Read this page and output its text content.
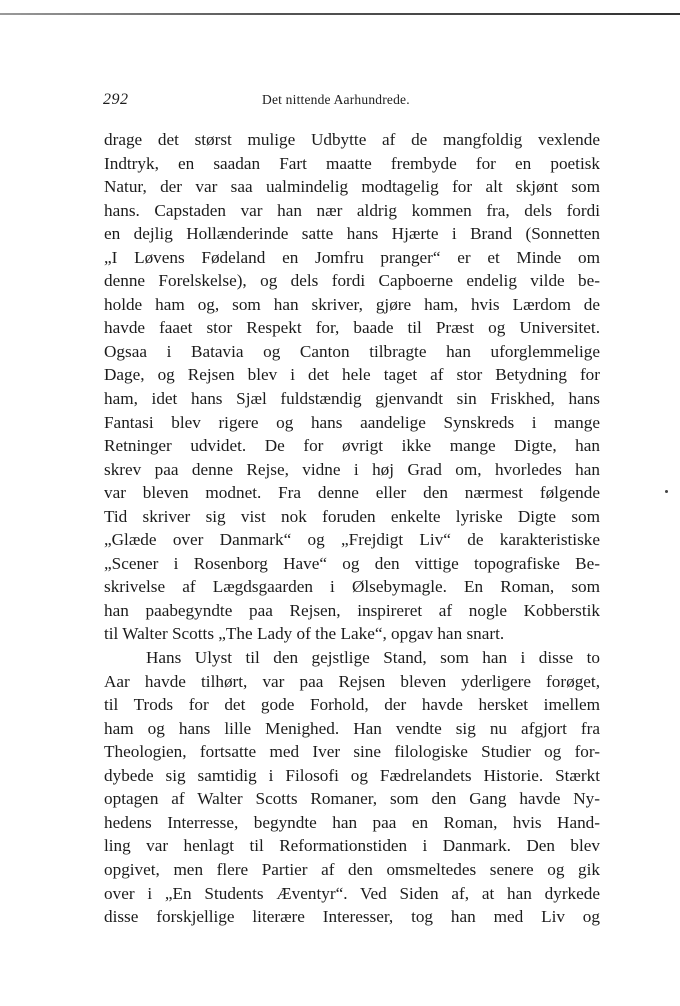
292	Det nittende Aarhundrede.
drage det størst mulige Udbytte af de mangfoldig vexlende
Indtryk, en saadan Fart maatte frembyde for en poetisk
Natur, der var saa ualmindelig modtagelig for alt skjønt som
hans. Capstaden var han nær aldrig kommen fra, dels fordi
en dejlig Hollænderinde satte hans Hjærte i Brand (Sonnetten
„I Løvens Fødeland en Jomfru pranger“ er et Minde om
denne Forelskelse), og dels fordi Capboerne endelig vilde be-
holde ham og, som han skriver, gjøre ham, hvis Lærdom de
havde faaet stor Respekt for, baade til Præst og Universitet.
Ogsaa i Batavia og Canton tilbragte han uforglemmelige
Dage, og Rejsen blev i det hele taget af stor Betydning for
ham, idet hans Sjæl fuldstændig gjenvandt sin Friskhed, hans
Fantasi blev rigere og hans aandelige Synskreds i mange
Retninger udvidet. De for øvrigt ikke mange Digte, han
skrev paa denne Rejse, vidne i høj Grad om, hvorledes han
var bleven modnet. Fra denne eller den nærmest følgende
Tid skriver sig vist nok foruden enkelte lyriske Digte som
„Glæde over Danmark“ og „Frejdigt Liv“ de karakteristiske
„Scener i Rosenborg Have“ og den vittige topografiske Be-
skrivelse af Lægdsgaarden i Ølsebymagle. En Roman, som
han paabegyndte paa Rejsen, inspireret af nogle Kobberstik
til Walter Scotts „The Lady of the Lake“, opgav han snart.
Hans Ulyst til den gejstlige Stand, som han i disse to
Aar havde tilhørt, var paa Rejsen bleven yderligere forøget,
til Trods for det gode Forhold, der havde hersket imellem
ham og hans lille Menighed. Han vendte sig nu afgjort fra
Theologien, fortsatte med Iver sine filologiske Studier og for-
dybede sig samtidig i Filosofi og Fædrelandets Historie. Stærkt
optagen af Walter Scotts Romaner, som den Gang havde Ny-
hedens Interresse, begyndte han paa en Roman, hvis Hand-
ling var henlagt til Reformationstiden i Danmark. Den blev
opgivet, men flere Partier af den omsmeltedes senere og gik
over i „En Students Æventyr“. Ved Siden af, at han dyrkede
disse forskjellige literære Interesser, tog han med Liv og
